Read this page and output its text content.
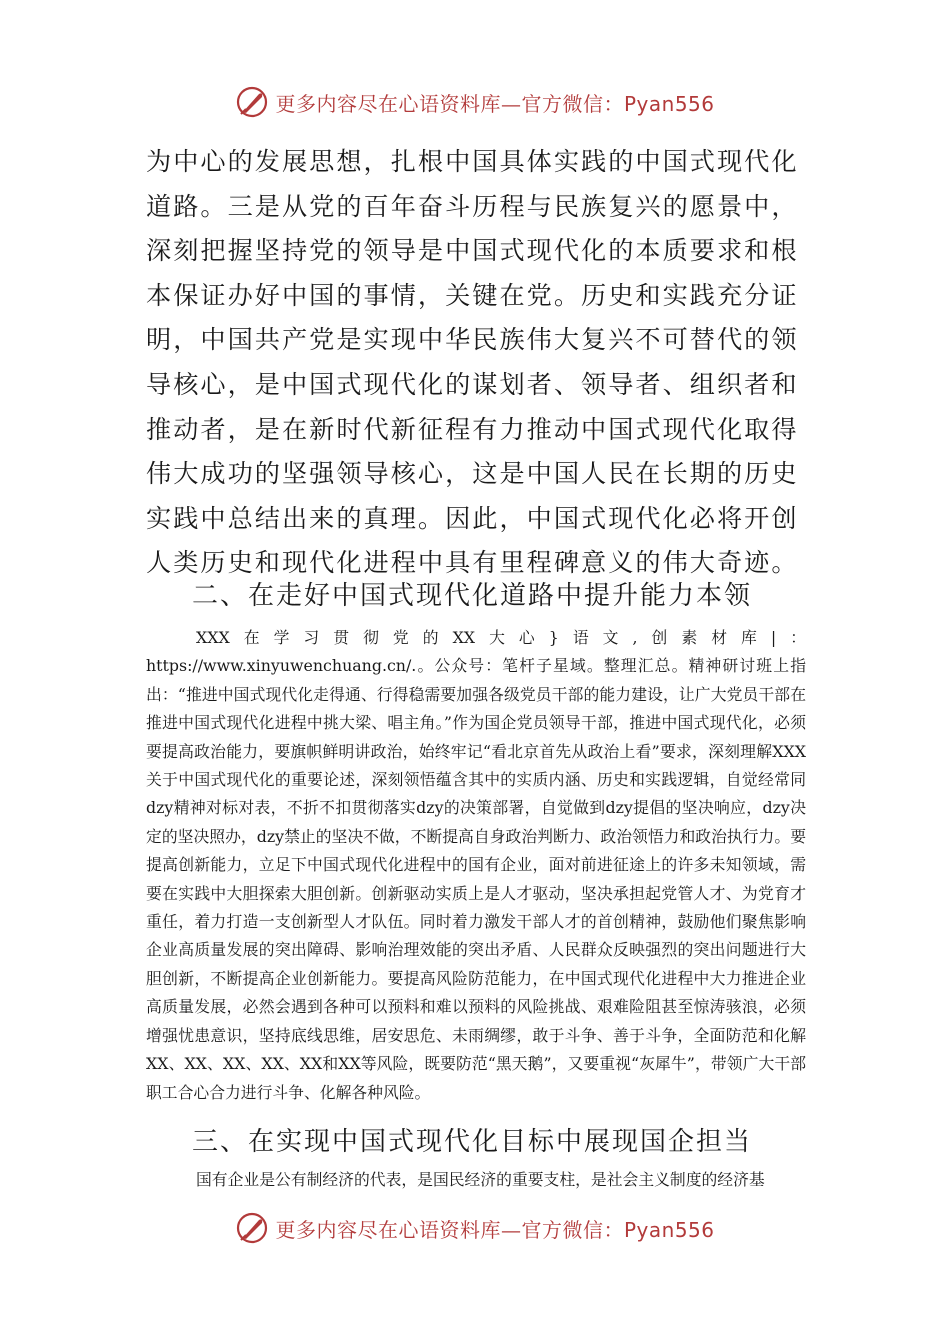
更多内容尽在心语资料库—官方微信：Pyan556

为中心的发展思想，扎根中国具体实践的中国式现代化道路。三是从党的百年奋斗历程与民族复兴的愿景中，深刻把握坚持党的领导是中国式现代化的本质要求和根本保证办好中国的事情，关键在党。历史和实践充分证明，中国共产党是实现中华民族伟大复兴不可替代的领导核心，是中国式现代化的谋划者、领导者、组织者和推动者，是在新时代新征程有力推动中国式现代化取得伟大成功的坚强领导核心，这是中国人民在长期的历史实践中总结出来的真理。因此，中国式现代化必将开创人类历史和现代化进程中具有里程碑意义的伟大奇迹。

二、在走好中国式现代化道路中提升能力本领

XXX在学习贯彻党的XX大心}语文,创素材库|：https://www.xinyuwenchuang.cn/.。公众号：笔杆子星域。整理汇总。精神研讨班上指出：“推进中国式现代化走得通、行得稳需要加强各级党员干部的能力建设，让广大党员干部在推进中国式现代化进程中挑大梁、唱主角。”作为国企党员领导干部，推进中国式现代化，必须要提高政治能力，要旗帜鲜明讲政治，始终牢记“看北京首先从政治上看”要求，深刻理解XXX关于中国式现代化的重要论述，深刻领悟蕴含其中的实质内涵、历史和实践逻辑，自觉经常同dzy精神对标对表，不折不扣贯彻落实dzy的决策部署，自觉做到dzy提倡的坚决响应，dzy决定的坚决照办，dzy禁止的坚决不做，不断提高自身政治判断力、政治领悟力和政治执行力。要提高创新能力，立足下中国式现代化进程中的国有企业，面对前进征途上的许多未知领域，需要在实践中大胆探索大胆创新。创新驱动实质上是人才驱动，坚决承担起党管人才、为党育才重任，着力打造一支创新型人才队伍。同时着力激发干部人才的首创精神，鼓励他们聚焦影响企业高质量发展的突出障碍、影响治理效能的突出矛盾、人民群众反映强烈的突出问题进行大胆创新，不断提高企业创新能力。要提高风险防范能力，在中国式现代化进程中大力推进企业高质量发展，必然会遇到各种可以预料和难以预料的风险挑战、艰难险阻甚至惊涛骇浪，必须增强忧患意识，坚持底线思维，居安思危、未雨绸缪，敢于斗争、善于斗争，全面防范和化解XX、XX、XX、XX、XX和XX等风险，既要防范“黑天鹅”，又要重视“灰犀牛”，带领广大干部职工合心合力进行斗争、化解各种风险。

三、在实现中国式现代化目标中展现国企担当

国有企业是公有制经济的代表，是国民经济的重要支柱，是社会主义制度的经济基

更多内容尽在心语资料库—官方微信：Pyan556
